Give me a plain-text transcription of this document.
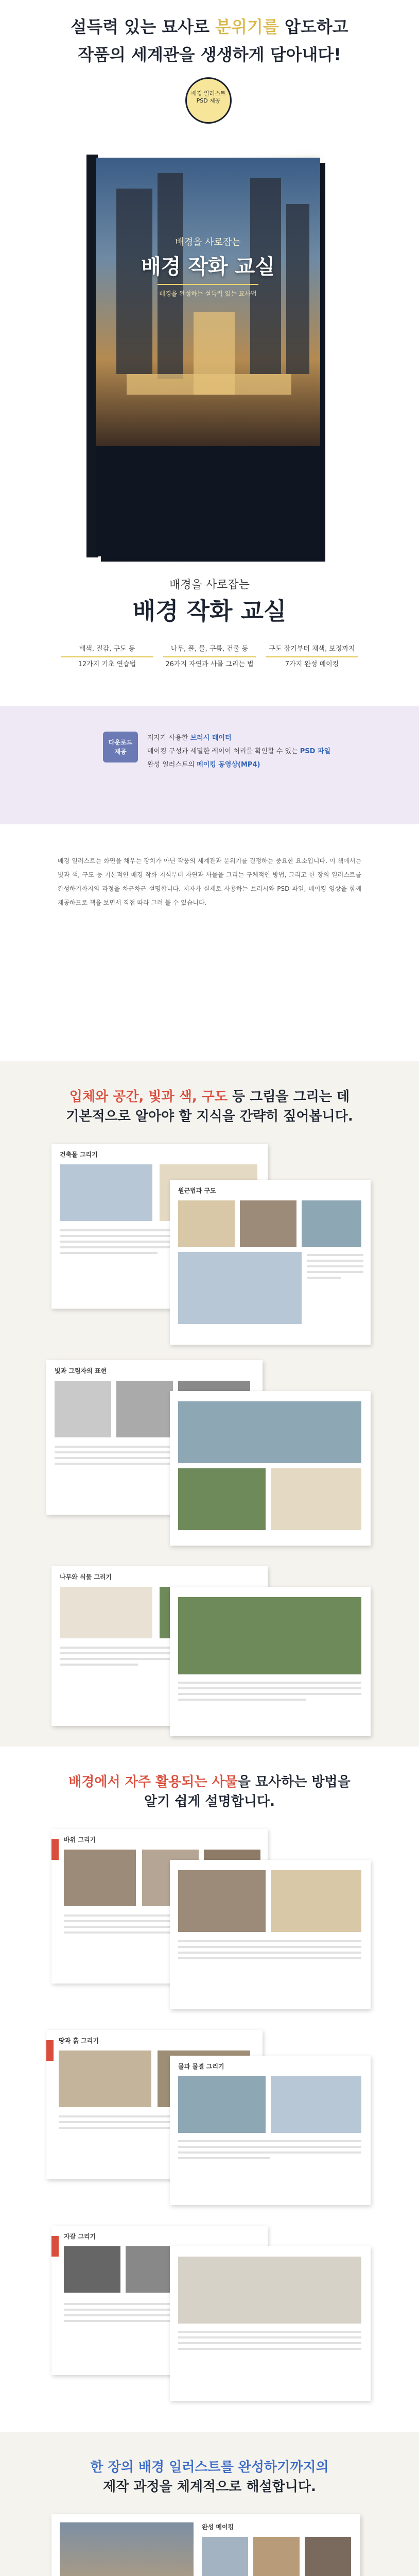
설득력 있는 묘사로 분위기를 압도하고
작품의 세계관을 생생하게 담아내다!
배경을 사로잡는
배경 작화 교실
배경을 완성하는 설득력 있는 묘사법
배경 일러스트 PSD 제공
배경을 사로잡는
배경 작화 교실
배색, 질감, 구도 등
12가지 기초 연습법
나무, 풀, 물, 구름, 건물 등
26가지 자연과 사물 그리는 법
구도 잡기부터 채색, 보정까지
7가지 완성 메이킹
다운로드
제공
저자가 사용한 브러시 데이터
메이킹 구성과 세밀한 레이어 처리를 확인할 수 있는 PSD 파일
완성 일러스트의 메이킹 동영상(MP4)
배경 일러스트는 화면을 채우는 장치가 아닌 작품의 세계관과 분위기를 결정하는 중요한 요소입니다. 이 책에서는 빛과 색, 구도 등 기본적인 배경 작화 지식부터 자연과 사물을 그리는 구체적인 방법, 그리고 한 장의 일러스트를 완성하기까지의 과정을 차근차근 설명합니다. 저자가 실제로 사용하는 브러시와 PSD 파일, 메이킹 영상을 함께 제공하므로 책을 보면서 직접 따라 그려 볼 수 있습니다.
입체와 공간, 빛과 색, 구도 등 그림을 그리는 데
기본적으로 알아야 할 지식을 간략히 짚어봅니다.
건축물 그리기
원근법과 구도
빛과 그림자의 표현
나무와 식물 그리기
배경에서 자주 활용되는 사물을 묘사하는 방법을
알기 쉽게 설명합니다.
바위 그리기
땅과 흙 그리기
물과 물결 그리기
자갈 그리기
한 장의 배경 일러스트를 완성하기까지의
제작 과정을 체계적으로 해설합니다.
완성 메이킹
